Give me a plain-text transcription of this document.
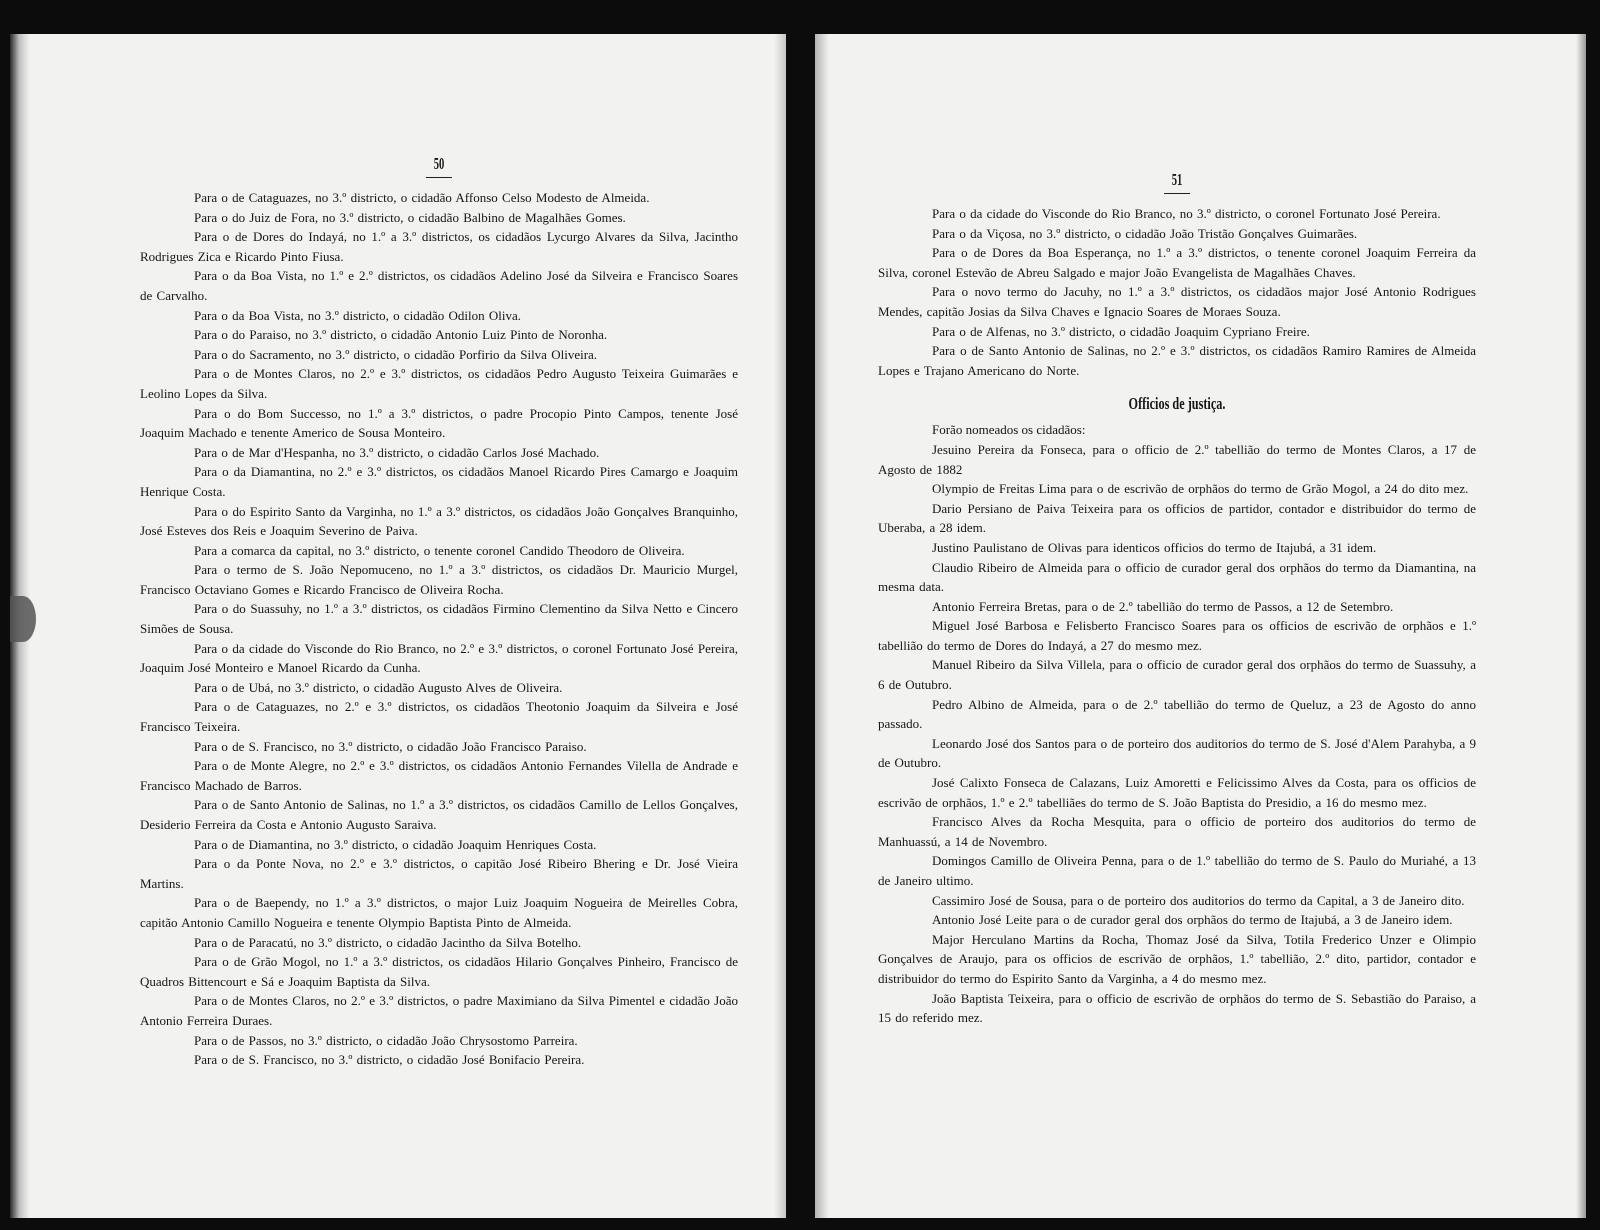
50

Para o de Cataguazes, no 3.º districto, o cidadão Affonso Celso Modesto de Almeida.

Para o do Juiz de Fora, no 3.º districto, o cidadão Balbino de Magalhães Gomes.

Para o de Dores do Indayá, no 1.º a 3.º districtos, os cidadãos Lycurgo Alvares da Silva, Jacintho Rodrigues Zica e Ricardo Pinto Fiusa.

Para o da Boa Vista, no 1.º e 2.º districtos, os cidadãos Adelino José da Silveira e Francisco Soares de Carvalho.

Para o da Boa Vista, no 3.º districto, o cidadão Odilon Oliva.

Para o do Paraiso, no 3.º districto, o cidadão Antonio Luiz Pinto de Noronha.

Para o do Sacramento, no 3.º districto, o cidadão Porfirio da Silva Oliveira.

Para o de Montes Claros, no 2.º e 3.º districtos, os cidadãos Pedro Augusto Teixeira Guimarães e Leolino Lopes da Silva.

Para o do Bom Successo, no 1.º a 3.º districtos, o padre Procopio Pinto Campos, tenente José Joaquim Machado e tenente Americo de Sousa Monteiro.

Para o de Mar d'Hespanha, no 3.º districto, o cidadão Carlos José Machado.

Para o da Diamantina, no 2.º e 3.º districtos, os cidadãos Manoel Ricardo Pires Camargo e Joaquim Henrique Costa.

Para o do Espirito Santo da Varginha, no 1.º a 3.º districtos, os cidadãos João Gonçalves Branquinho, José Esteves dos Reis e Joaquim Severino de Paiva.

Para a comarca da capital, no 3.º districto, o tenente coronel Candido Theodoro de Oliveira.

Para o termo de S. João Nepomuceno, no 1.º a 3.º districtos, os cidadãos Dr. Mauricio Murgel, Francisco Octaviano Gomes e Ricardo Francisco de Oliveira Rocha.

Para o do Suassuhy, no 1.º a 3.º districtos, os cidadãos Firmino Clementino da Silva Netto e Cincero Simões de Sousa.

Para o da cidade do Visconde do Rio Branco, no 2.º e 3.º districtos, o coronel Fortunato José Pereira, Joaquim José Monteiro e Manoel Ricardo da Cunha.

Para o de Ubá, no 3.º districto, o cidadão Augusto Alves de Oliveira.

Para o de Cataguazes, no 2.º e 3.º districtos, os cidadãos Theotonio Joaquim da Silveira e José Francisco Teixeira.

Para o de S. Francisco, no 3.º districto, o cidadão João Francisco Paraiso.

Para o de Monte Alegre, no 2.º e 3.º districtos, os cidadãos Antonio Fernandes Vilella de Andrade e Francisco Machado de Barros.

Para o de Santo Antonio de Salinas, no 1.º a 3.º districtos, os cidadãos Camillo de Lellos Gonçalves, Desiderio Ferreira da Costa e Antonio Augusto Saraiva.

Para o de Diamantina, no 3.º districto, o cidadão Joaquim Henriques Costa.

Para o da Ponte Nova, no 2.º e 3.º districtos, o capitão José Ribeiro Bhering e Dr. José Vieira Martins.

Para o de Baependy, no 1.º a 3.º districtos, o major Luiz Joaquim Nogueira de Meirelles Cobra, capitão Antonio Camillo Nogueira e tenente Olympio Baptista Pinto de Almeida.

Para o de Paracatú, no 3.º districto, o cidadão Jacintho da Silva Botelho.

Para o de Grão Mogol, no 1.º a 3.º districtos, os cidadãos Hilario Gonçalves Pinheiro, Francisco de Quadros Bittencourt e Sá e Joaquim Baptista da Silva.

Para o de Montes Claros, no 2.º e 3.º districtos, o padre Maximiano da Silva Pimentel e cidadão João Antonio Ferreira Duraes.

Para o de Passos, no 3.º districto, o cidadão João Chrysostomo Parreira.

Para o de S. Francisco, no 3.º districto, o cidadão José Bonifacio Pereira.

51

Para o da cidade do Visconde do Rio Branco, no 3.º districto, o coronel Fortunato José Pereira.

Para o da Viçosa, no 3.º districto, o cidadão João Tristão Gonçalves Guimarães.

Para o de Dores da Boa Esperança, no 1.º a 3.º districtos, o tenente coronel Joaquim Ferreira da Silva, coronel Estevão de Abreu Salgado e major João Evangelista de Magalhães Chaves.

Para o novo termo do Jacuhy, no 1.º a 3.º districtos, os cidadãos major José Antonio Rodrigues Mendes, capitão Josias da Silva Chaves e Ignacio Soares de Moraes Souza.

Para o de Alfenas, no 3.º districto, o cidadão Joaquim Cypriano Freire.

Para o de Santo Antonio de Salinas, no 2.º e 3.º districtos, os cidadãos Ramiro Ramires de Almeida Lopes e Trajano Americano do Norte.

Officios de justiça.

Forão nomeados os cidadãos:

Jesuino Pereira da Fonseca, para o officio de 2.º tabellião do termo de Montes Claros, a 17 de Agosto de 1882

Olympio de Freitas Lima para o de escrivão de orphãos do termo de Grão Mogol, a 24 do dito mez.

Dario Persiano de Paiva Teixeira para os officios de partidor, contador e distribuidor do termo de Uberaba, a 28 idem.

Justino Paulistano de Olivas para identicos officios do termo de Itajubá, a 31 idem.

Claudio Ribeiro de Almeida para o officio de curador geral dos orphãos do termo da Diamantina, na mesma data.

Antonio Ferreira Bretas, para o de 2.º tabellião do termo de Passos, a 12 de Setembro.

Miguel José Barbosa e Felisberto Francisco Soares para os officios de escrivão de orphãos e 1.º tabellião do termo de Dores do Indayá, a 27 do mesmo mez.

Manuel Ribeiro da Silva Villela, para o officio de curador geral dos orphãos do termo de Suassuhy, a 6 de Outubro.

Pedro Albino de Almeida, para o de 2.º tabellião do termo de Queluz, a 23 de Agosto do anno passado.

Leonardo José dos Santos para o de porteiro dos auditorios do termo de S. José d'Alem Parahyba, a 9 de Outubro.

José Calixto Fonseca de Calazans, Luiz Amoretti e Felicissimo Alves da Costa, para os officios de escrivão de orphãos, 1.º e 2.º tabelliães do termo de S. João Baptista do Presidio, a 16 do mesmo mez.

Francisco Alves da Rocha Mesquita, para o officio de porteiro dos auditorios do termo de Manhuassú, a 14 de Novembro.

Domingos Camillo de Oliveira Penna, para o de 1.º tabellião do termo de S. Paulo do Muriahé, a 13 de Janeiro ultimo.

Cassimiro José de Sousa, para o de porteiro dos auditorios do termo da Capital, a 3 de Janeiro dito.

Antonio José Leite para o de curador geral dos orphãos do termo de Itajubá, a 3 de Janeiro idem.

Major Herculano Martins da Rocha, Thomaz José da Silva, Totila Frederico Unzer e Olimpio Gonçalves de Araujo, para os officios de escrivão de orphãos, 1.º tabellião, 2.º dito, partidor, contador e distribuidor do termo do Espirito Santo da Varginha, a 4 do mesmo mez.

João Baptista Teixeira, para o officio de escrivão de orphãos do termo de S. Sebastião do Paraiso, a 15 do referido mez.
